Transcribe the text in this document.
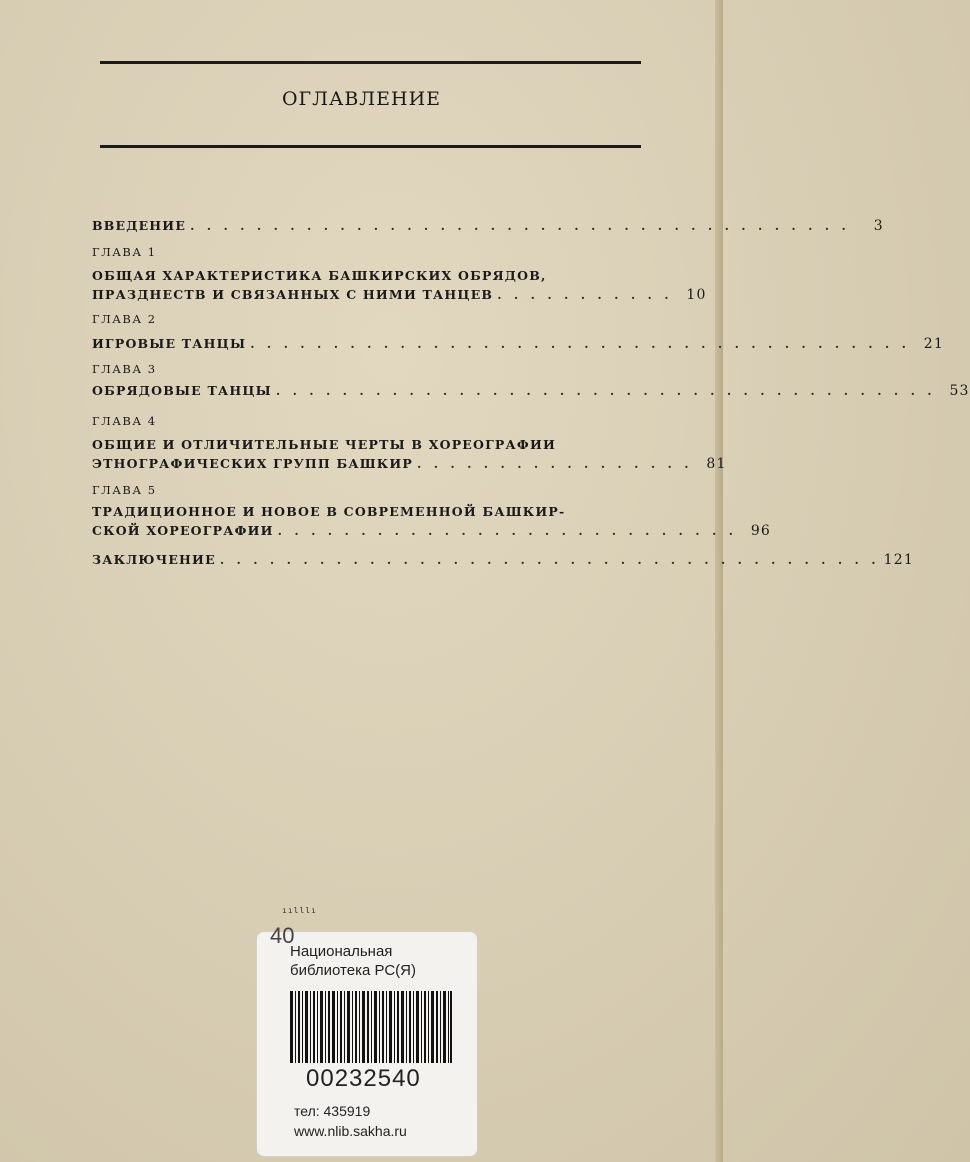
ОГЛАВЛЕНИЕ
ВВЕДЕНИЕ . . . . . . . . . . . . . . . . . . . . . . . . . . . . . . . . . . . . . . . .	3
ГЛАВА 1
ОБЩАЯ ХАРАКТЕРИСТИКА БАШКИРСКИХ ОБРЯДОВ,
ПРАЗДНЕСТВ И СВЯЗАННЫХ С НИМИ ТАНЦЕВ . . . . . . . . . . . 10
ГЛАВА 2
ИГРОВЫЕ ТАНЦЫ . . . . . . . . . . . . . . . . . . . . . . . . . . . . . . . . . . . . . . . . 21
ГЛАВА 3
ОБРЯДОВЫЕ ТАНЦЫ . . . . . . . . . . . . . . . . . . . . . . . . . . . . . . . . . . . . . . . . 53
ГЛАВА 4
ОБЩИЕ И ОТЛИЧИТЕЛЬНЫЕ ЧЕРТЫ В ХОРЕОГРАФИИ
ЭТНОГРАФИЧЕСКИХ ГРУПП БАШКИР . . . . . . . . . . . . . . . . . 81
ГЛАВА 5
ТРАДИЦИОННОЕ И НОВОЕ В СОВРЕМЕННОЙ БАШКИР-
СКОЙ ХОРЕОГРАФИИ . . . . . . . . . . . . . . . . . . . . . . . . . . . . 96
ЗАКЛЮЧЕНИЕ . . . . . . . . . . . . . . . . . . . . . . . . . . . . . . . . . . . . . . . . 121
ıılllı
40
Национальная
библиотека РС(Я)
00232540
тел: 435919
www.nlib.sakha.ru
